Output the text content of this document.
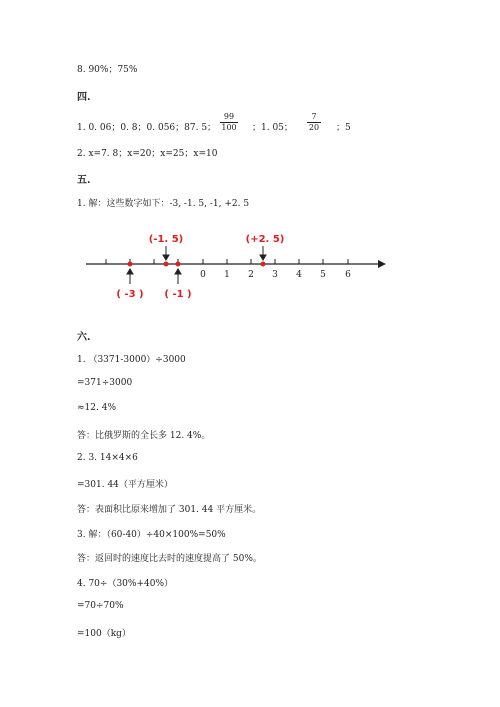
8. 90%；75%
四.
1. 0. 06；0. 8；0. 056；87. 5；
99
100 ；1. 05；
7
20	；5
2. x=7. 8；x=20；x=25；x=10
五.
1. 解：这些数字如下：-3, -1. 5, -1, +2. 5
0 1 2 3 4 5 6
(-1. 5)	(+2. 5)
( -3 ) ( -1 )
六.
1. （3371-3000）÷3000
=371÷3000
≈12. 4%
答：比俄罗斯的全长多 12. 4%。
2. 3. 14×4×6
=301. 44（平方厘米）
答：表面积比原来增加了 301. 44 平方厘米。
3. 解：（60-40）÷40×100%=50%
答：返回时的速度比去时的速度提高了 50%。
4. 70÷（30%+40%）
=70÷70%
=100（kg）
